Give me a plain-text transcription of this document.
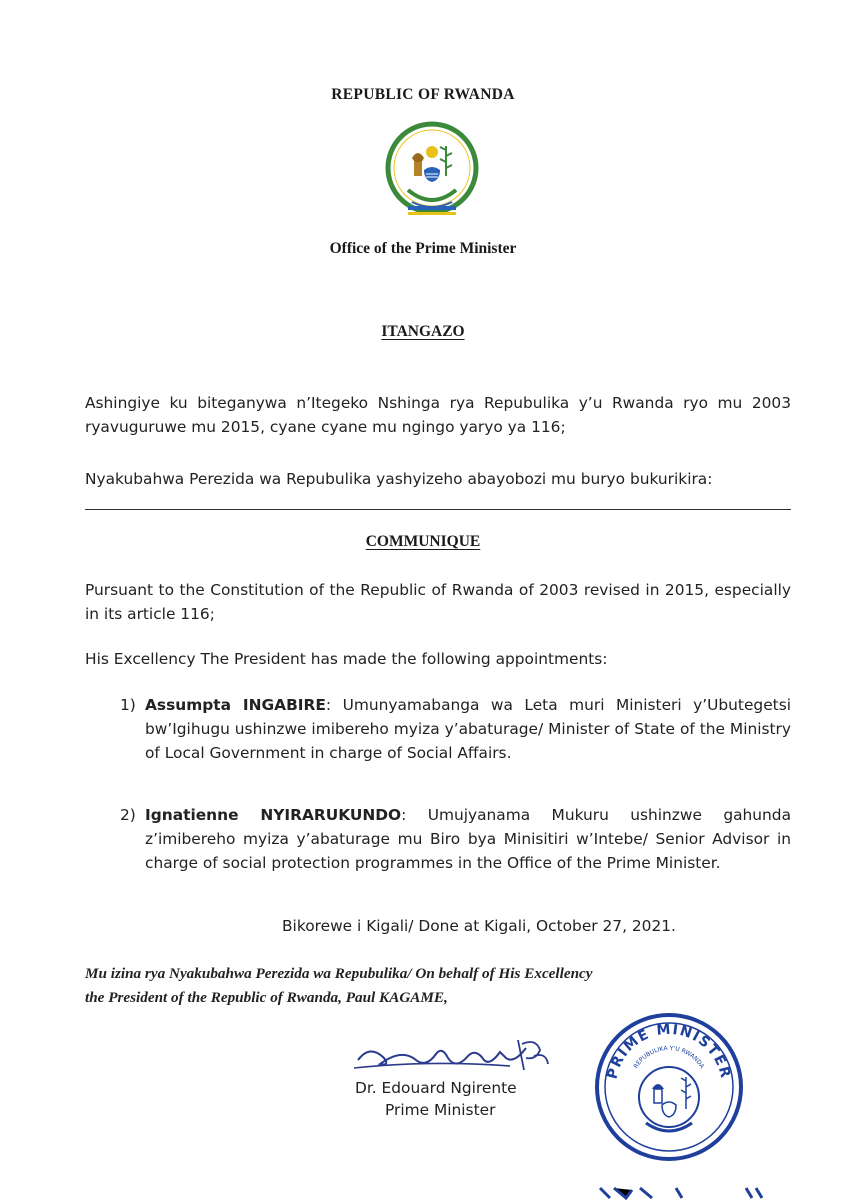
REPUBLIC OF RWANDA
Office of the Prime Minister
ITANGAZO
Ashingiye ku biteganywa n’Itegeko Nshinga rya Repubulika y’u Rwanda ryo mu 2003 ryavuguruwe mu 2015, cyane cyane mu ngingo yaryo ya 116;
Nyakubahwa Perezida wa Repubulika yashyizeho abayobozi mu buryo bukurikira:
COMMUNIQUE
Pursuant to the Constitution of the Republic of Rwanda of 2003 revised in 2015, especially in its article 116;
His Excellency The President has made the following appointments:
1) Assumpta INGABIRE: Umunyamabanga wa Leta muri Ministeri y’Ubutegetsi bw’Igihugu ushinzwe imibereho myiza y’abaturage/ Minister of State of the Ministry of Local Government in charge of Social Affairs.
2) Ignatienne NYIRARUKUNDO: Umujyanama Mukuru ushinzwe gahunda z’imibereho myiza y’abaturage mu Biro bya Minisitiri w’Intebe/ Senior Advisor in charge of social protection programmes in the Office of the Prime Minister.
Bikorewe i Kigali/ Done at Kigali, October 27, 2021.
Mu izina rya Nyakubahwa Perezida wa Repubulika/ On behalf of His Excellency
the President of the Republic of Rwanda, Paul KAGAME,
Dr. Edouard Ngirente
Prime Minister
PRIME MINISTER
REPUBULIKA Y'U RWANDA
